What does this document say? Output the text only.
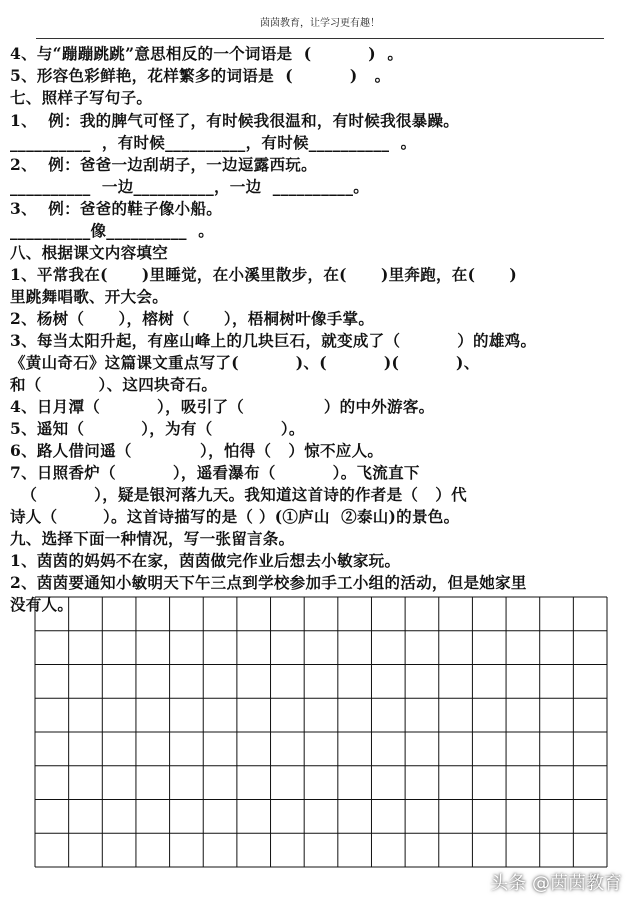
茵茵教育，让学习更有趣！
4、与“蹦蹦跳跳”意思相反的一个词语是  (          )  。
5、形容色彩鲜艳，花样繁多的词语是  (          )   。
七、照样子写句子。
1、  例：我的脾气可怪了，有时候我很温和，有时候我很暴躁。
__________  ，有时候__________，有时候__________  。
2、  例：爸爸一边刮胡子，一边逗露西玩。
__________  一边__________，一边  __________。
3、  例：爸爸的鞋子像小船。
__________像__________  。
八、根据课文内容填空
1、平常我在(      )里睡觉，在小溪里散步，在(      )里奔跑，在(      )
里跳舞唱歌、开大会。
2、杨树（      ），榕树（      ），梧桐树叶像手掌。
3、每当太阳升起，有座山峰上的几块巨石，就变成了（          ）的雄鸡。
《黄山奇石》这篇课文重点写了(          )、(          )(          )、
和（          ）、这四块奇石。
4、日月潭（          ），吸引了（              ）的中外游客。
5、遥知（          ），为有（            ）。
6、路人借问遥（            ），怕得（   ）惊不应人。
7、日照香炉（          ），遥看瀑布（          ）。飞流直下
（          ），疑是银河落九天。我知道这首诗的作者是（   ）代
诗人（        ）。这首诗描写的是（ ）(①庐山  ②泰山)的景色。
九、选择下面一种情况，写一张留言条。
1、茵茵的妈妈不在家，茵茵做完作业后想去小敏家玩。
2、茵茵要通知小敏明天下午三点到学校参加手工小组的活动，但是她家里
没有人。
头条 @茵茵教育
